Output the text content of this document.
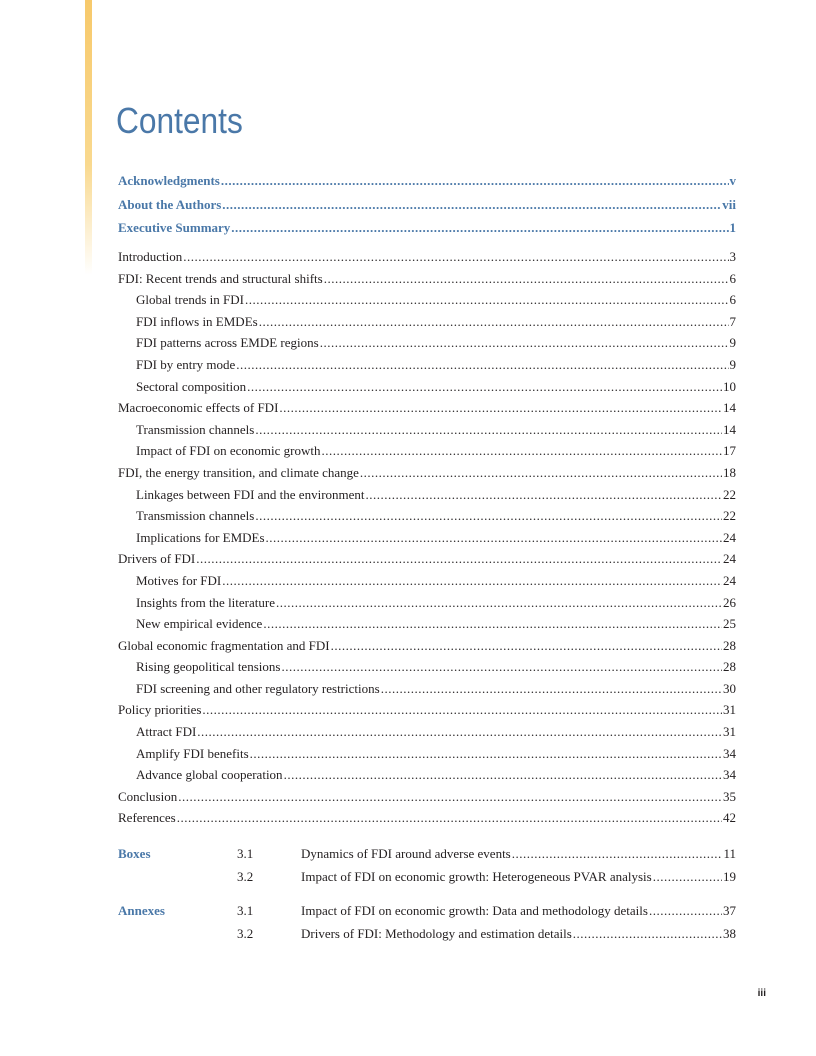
Contents
Acknowledgments .....	v
About the Authors .....	vii
Executive Summary .....	1
Introduction .....	3
FDI: Recent trends and structural shifts .....	6
Global trends in FDI .....	6
FDI inflows in EMDEs .....	7
FDI patterns across EMDE regions .....	9
FDI by entry mode .....	9
Sectoral composition .....	10
Macroeconomic effects of FDI .....	14
Transmission channels .....	14
Impact of FDI on economic growth .....	17
FDI, the energy transition, and climate change .....	18
Linkages between FDI and the environment .....	22
Transmission channels .....	22
Implications for EMDEs .....	24
Drivers of FDI .....	24
Motives for FDI .....	24
Insights from the literature .....	26
New empirical evidence .....	25
Global economic fragmentation and FDI .....	28
Rising geopolitical tensions .....	28
FDI screening and other regulatory restrictions .....	30
Policy priorities .....	31
Attract FDI .....	31
Amplify FDI benefits .....	34
Advance global cooperation .....	34
Conclusion .....	35
References .....	42
Boxes	3.1	Dynamics of FDI around adverse events .....	11
3.2	Impact of FDI on economic growth: Heterogeneous PVAR analysis .....	19
Annexes	3.1	Impact of FDI on economic growth: Data and methodology details .....	37
3.2	Drivers of FDI: Methodology and estimation details .....	38
iii
